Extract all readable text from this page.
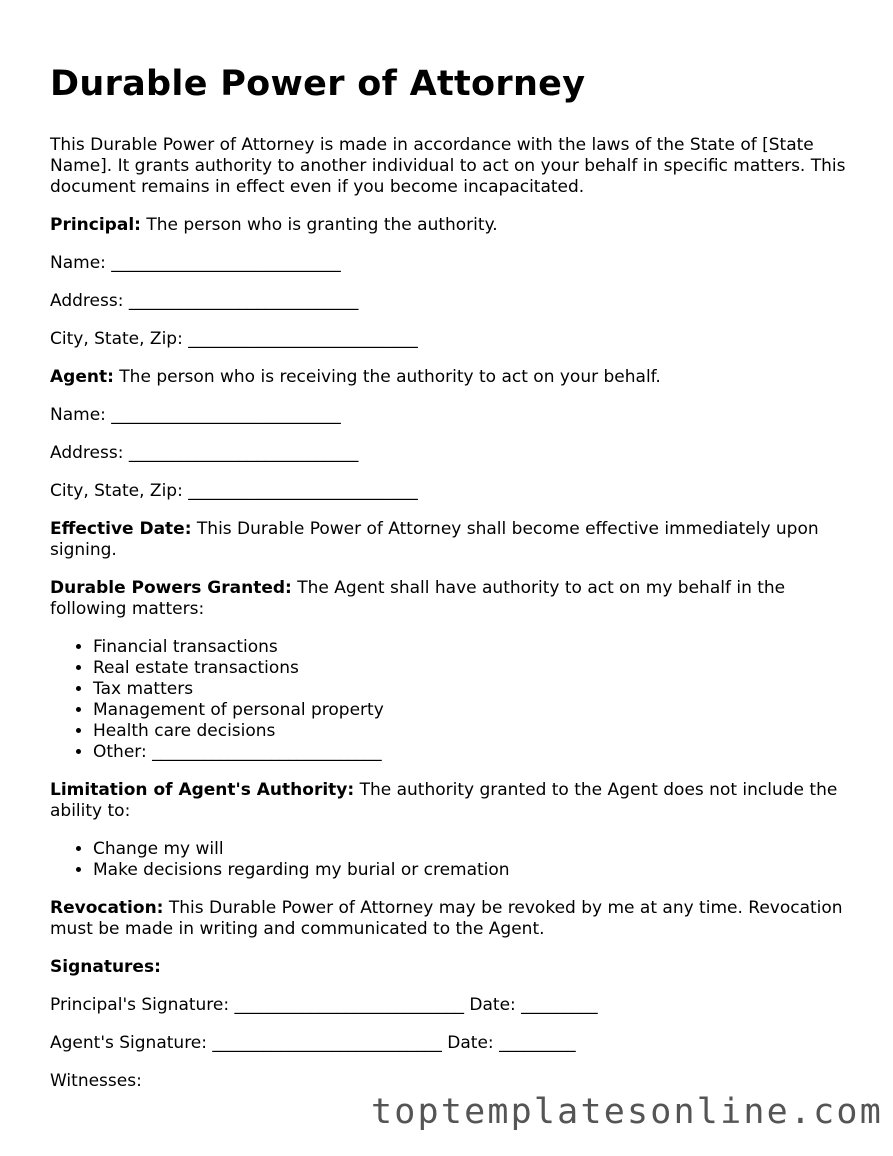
Durable Power of Attorney

This Durable Power of Attorney is made in accordance with the laws of the State of [State Name]. It grants authority to another individual to act on your behalf in specific matters. This document remains in effect even if you become incapacitated.

Principal: The person who is granting the authority.

Name: ___________________________

Address: ___________________________

City, State, Zip: ___________________________

Agent: The person who is receiving the authority to act on your behalf.

Name: ___________________________

Address: ___________________________

City, State, Zip: ___________________________

Effective Date: This Durable Power of Attorney shall become effective immediately upon signing.

Durable Powers Granted: The Agent shall have authority to act on my behalf in the following matters:

• Financial transactions
• Real estate transactions
• Tax matters
• Management of personal property
• Health care decisions
• Other: ___________________________

Limitation of Agent's Authority: The authority granted to the Agent does not include the ability to:

• Change my will
• Make decisions regarding my burial or cremation

Revocation: This Durable Power of Attorney may be revoked by me at any time. Revocation must be made in writing and communicated to the Agent.

Signatures:

Principal's Signature: ___________________________ Date: _________

Agent's Signature: ___________________________ Date: _________

Witnesses:

toptemplatesonline.com
